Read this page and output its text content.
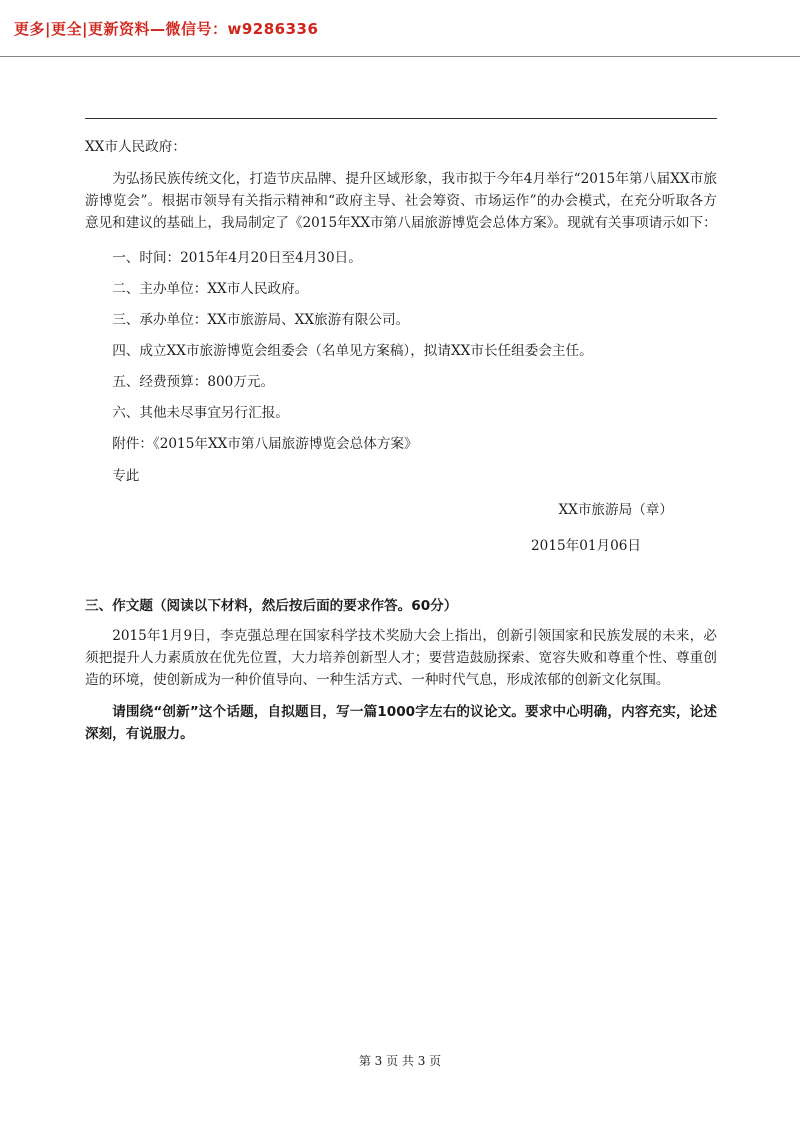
更多|更全|更新资料—微信号：w9286336

XX市人民政府：

为弘扬民族传统文化，打造节庆品牌、提升区域形象，我市拟于今年4月举行“2015年第八届XX市旅游博览会”。根据市领导有关指示精神和“政府主导、社会筹资、市场运作”的办会模式，在充分听取各方意见和建议的基础上，我局制定了《2015年XX市第八届旅游博览会总体方案》。现就有关事项请示如下：

一、时间：2015年4月20日至4月30日。

二、主办单位：XX市人民政府。

三、承办单位：XX市旅游局、XX旅游有限公司。

四、成立XX市旅游博览会组委会（名单见方案稿），拟请XX市长任组委会主任。

五、经费预算：800万元。

六、其他未尽事宜另行汇报。

附件：《2015年XX市第八届旅游博览会总体方案》

专此

XX市旅游局（章）

2015年01月06日

三、作文题（阅读以下材料，然后按后面的要求作答。60分）

2015年1月9日，李克强总理在国家科学技术奖励大会上指出，创新引领国家和民族发展的未来，必须把提升人力素质放在优先位置，大力培养创新型人才；要营造鼓励探索、宽容失败和尊重个性、尊重创造的环境，使创新成为一种价值导向、一种生活方式、一种时代气息，形成浓郁的创新文化氛围。

请围绕“创新”这个话题，自拟题目，写一篇1000字左右的议论文。要求中心明确，内容充实，论述深刻，有说服力。

第 3 页 共 3 页
